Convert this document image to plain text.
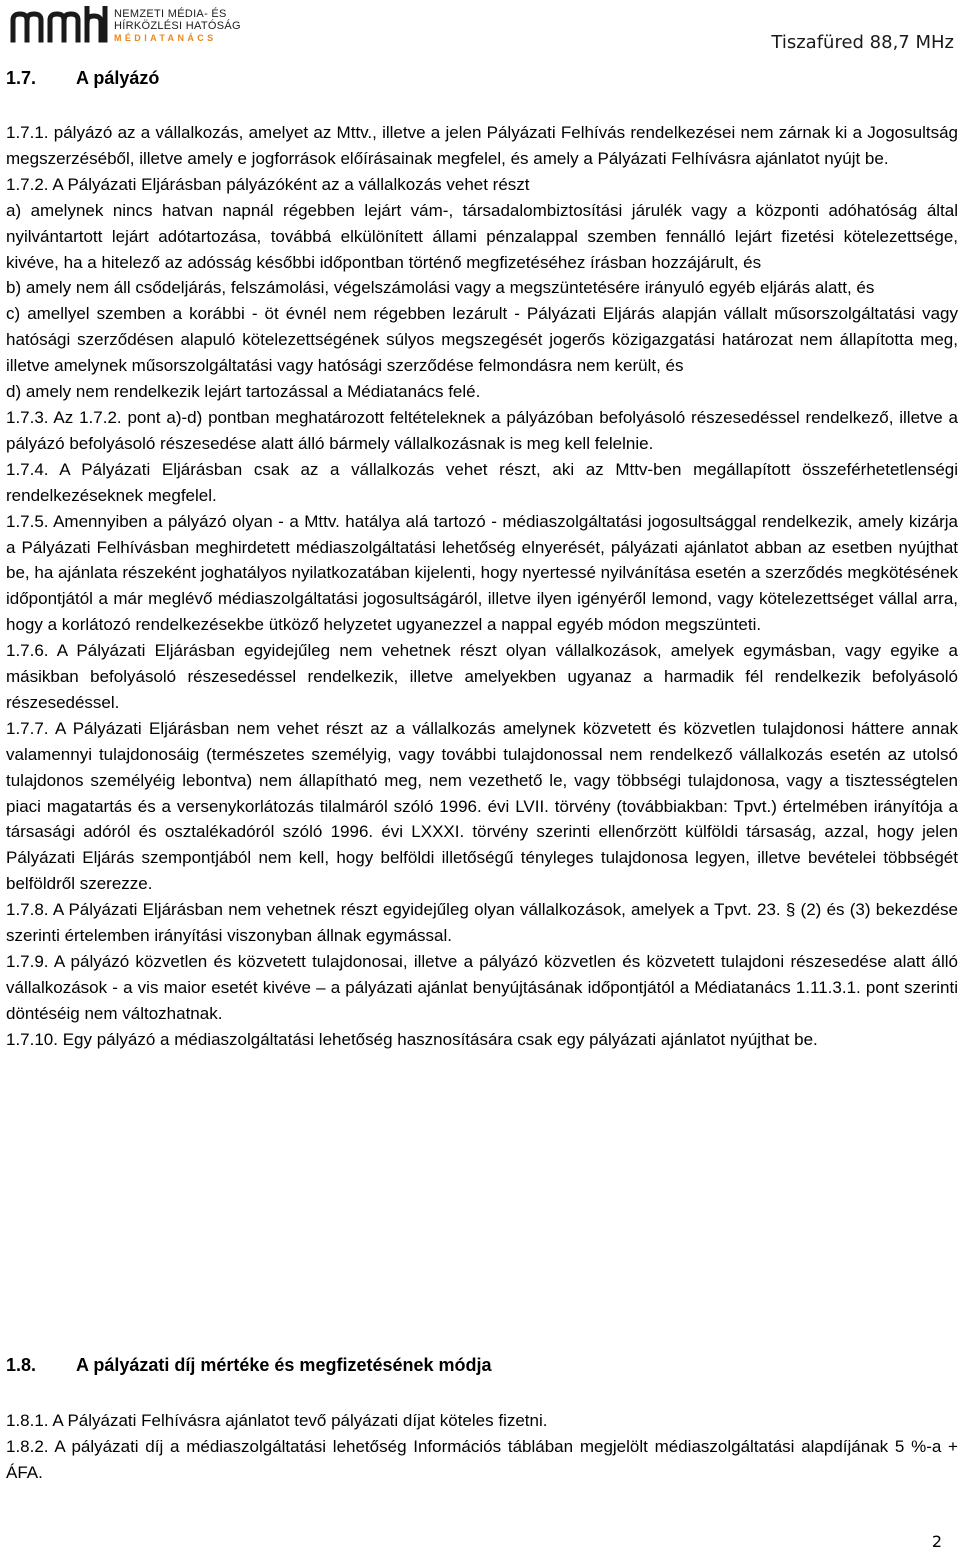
NEMZETI MÉDIA- ÉS
HÍRKÖZLÉSI HATÓSÁG
MÉDIATANÁCS	Tiszafüred 88,7 MHz
1.7. A pályázó

1.7.1. pályázó az a vállalkozás, amelyet az Mttv., illetve a jelen Pályázati Felhívás rendelkezései nem zárnak ki a Jogosultság megszerzéséből, illetve amely e jogforrások előírásainak megfelel, és amely a Pályázati Felhívásra ajánlatot nyújt be.

1.7.2. A Pályázati Eljárásban pályázóként az a vállalkozás vehet részt

a) amelynek nincs hatvan napnál régebben lejárt vám-, társadalombiztosítási járulék vagy a központi adóhatóság által nyilvántartott lejárt adótartozása, továbbá elkülönített állami pénzalappal szemben fennálló lejárt fizetési kötelezettsége, kivéve, ha a hitelező az adósság későbbi időpontban történő megfizetéséhez írásban hozzájárult, és

b) amely nem áll csődeljárás, felszámolási, végelszámolási vagy a megszüntetésére irányuló egyéb eljárás alatt, és

c) amellyel szemben a korábbi - öt évnél nem régebben lezárult - Pályázati Eljárás alapján vállalt műsorszolgáltatási vagy hatósági szerződésen alapuló kötelezettségének súlyos megszegését jogerős közigazgatási határozat nem állapította meg, illetve amelynek műsorszolgáltatási vagy hatósági szerződése felmondásra nem került, és

d) amely nem rendelkezik lejárt tartozással a Médiatanács felé.

1.7.3. Az 1.7.2. pont a)-d) pontban meghatározott feltételeknek a pályázóban befolyásoló részesedéssel rendelkező, illetve a pályázó befolyásoló részesedése alatt álló bármely vállalkozásnak is meg kell felelnie.

1.7.4. A Pályázati Eljárásban csak az a vállalkozás vehet részt, aki az Mttv-ben megállapított összeférhetetlenségi rendelkezéseknek megfelel.

1.7.5. Amennyiben a pályázó olyan - a Mttv. hatálya alá tartozó - médiaszolgáltatási jogosultsággal rendelkezik, amely kizárja a Pályázati Felhívásban meghirdetett médiaszolgáltatási lehetőség elnyerését, pályázati ajánlatot abban az esetben nyújthat be, ha ajánlata részeként joghatályos nyilatkozatában kijelenti, hogy nyertessé nyilvánítása esetén a szerződés megkötésének időpontjától a már meglévő médiaszolgáltatási jogosultságáról, illetve ilyen igényéről lemond, vagy kötelezettséget vállal arra, hogy a korlátozó rendelkezésekbe ütköző helyzetet ugyanezzel a nappal egyéb módon megszünteti.

1.7.6. A Pályázati Eljárásban egyidejűleg nem vehetnek részt olyan vállalkozások, amelyek egymásban, vagy egyike a másikban befolyásoló részesedéssel rendelkezik, illetve amelyekben ugyanaz a harmadik fél rendelkezik befolyásoló részesedéssel.

1.7.7. A Pályázati Eljárásban nem vehet részt az a vállalkozás amelynek közvetett és közvetlen tulajdonosi háttere annak valamennyi tulajdonosáig (természetes személyig, vagy további tulajdonossal nem rendelkező vállalkozás esetén az utolsó tulajdonos személyéig lebontva) nem állapítható meg, nem vezethető le, vagy többségi tulajdonosa, vagy a tisztességtelen piaci magatartás és a versenykorlátozás tilalmáról szóló 1996. évi LVII. törvény (továbbiakban: Tpvt.) értelmében irányítója a társasági adóról és osztalékadóról szóló 1996. évi LXXXI. törvény szerinti ellenőrzött külföldi társaság, azzal, hogy jelen Pályázati Eljárás szempontjából nem kell, hogy belföldi illetőségű tényleges tulajdonosa legyen, illetve bevételei többségét belföldről szerezze.

1.7.8. A Pályázati Eljárásban nem vehetnek részt egyidejűleg olyan vállalkozások, amelyek a Tpvt. 23. § (2) és (3) bekezdése szerinti értelemben irányítási viszonyban állnak egymással.

1.7.9. A pályázó közvetlen és közvetett tulajdonosai, illetve a pályázó közvetlen és közvetett tulajdoni részesedése alatt álló vállalkozások - a vis maior esetét kivéve – a pályázati ajánlat benyújtásának időpontjától a Médiatanács 1.11.3.1. pont szerinti döntéséig nem változhatnak.

1.7.10. Egy pályázó a médiaszolgáltatási lehetőség hasznosítására csak egy pályázati ajánlatot nyújthat be.

1.8. A pályázati díj mértéke és megfizetésének módja

1.8.1. A Pályázati Felhívásra ajánlatot tevő pályázati díjat köteles fizetni.

1.8.2. A pályázati díj a médiaszolgáltatási lehetőség Információs táblában megjelölt médiaszolgáltatási alapdíjának 5 %-a + ÁFA.

2
